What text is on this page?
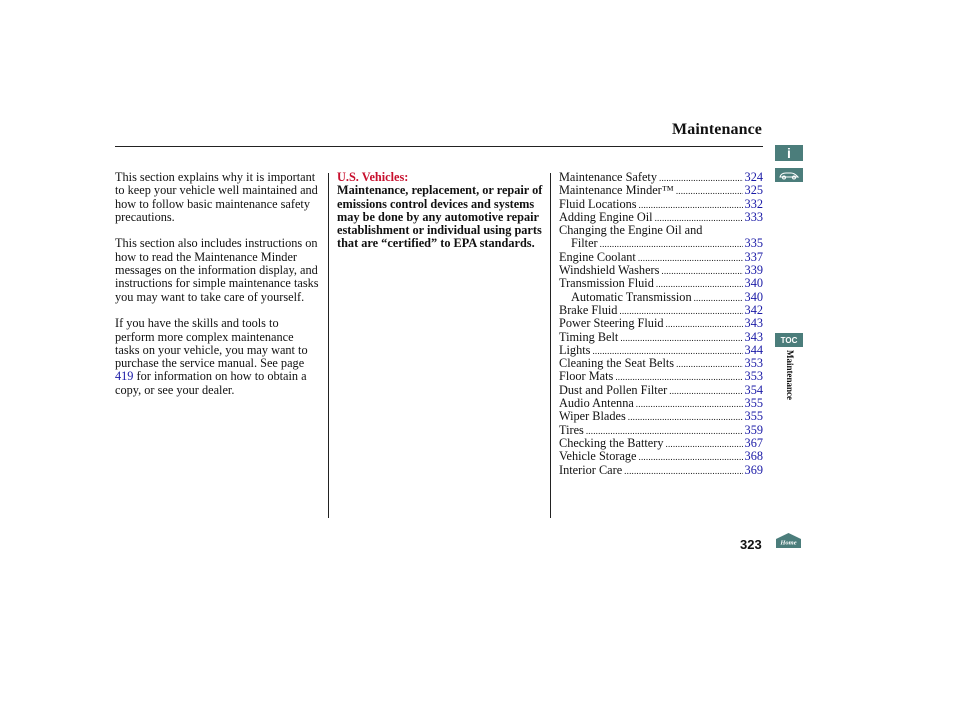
Maintenance

This section explains why it is important to keep your vehicle well maintained and how to follow basic maintenance safety precautions.

This section also includes instructions on how to read the Maintenance Minder messages on the information display, and instructions for simple maintenance tasks you may want to take care of yourself.

If you have the skills and tools to perform more complex maintenance tasks on your vehicle, you may want to purchase the service manual. See page 419 for information on how to obtain a copy, or see your dealer.

U.S. Vehicles:
Maintenance, replacement, or repair of emissions control devices and systems may be done by any automotive repair establishment or individual using parts that are “certified” to EPA standards.
Maintenance Safety .....	324
Maintenance Minder™ .....	325
Fluid Locations .....	332
Adding Engine Oil .....	333
Changing the Engine Oil and
Filter .....	335
Engine Coolant .....	337
Windshield Washers .....	339
Transmission Fluid .....	340
Automatic Transmission .....	340
Brake Fluid .....	342
Power Steering Fluid .....	343
Timing Belt .....	343
Lights .....	344
Cleaning the Seat Belts .....	353
Floor Mats .....	353
Dust and Pollen Filter .....	354
Audio Antenna .....	355
Wiper Blades .....	355
Tires .....	359
Checking the Battery .....	367
Vehicle Storage .....	368
Interior Care .....	369
323
i
TOC
Maintenance
Home
